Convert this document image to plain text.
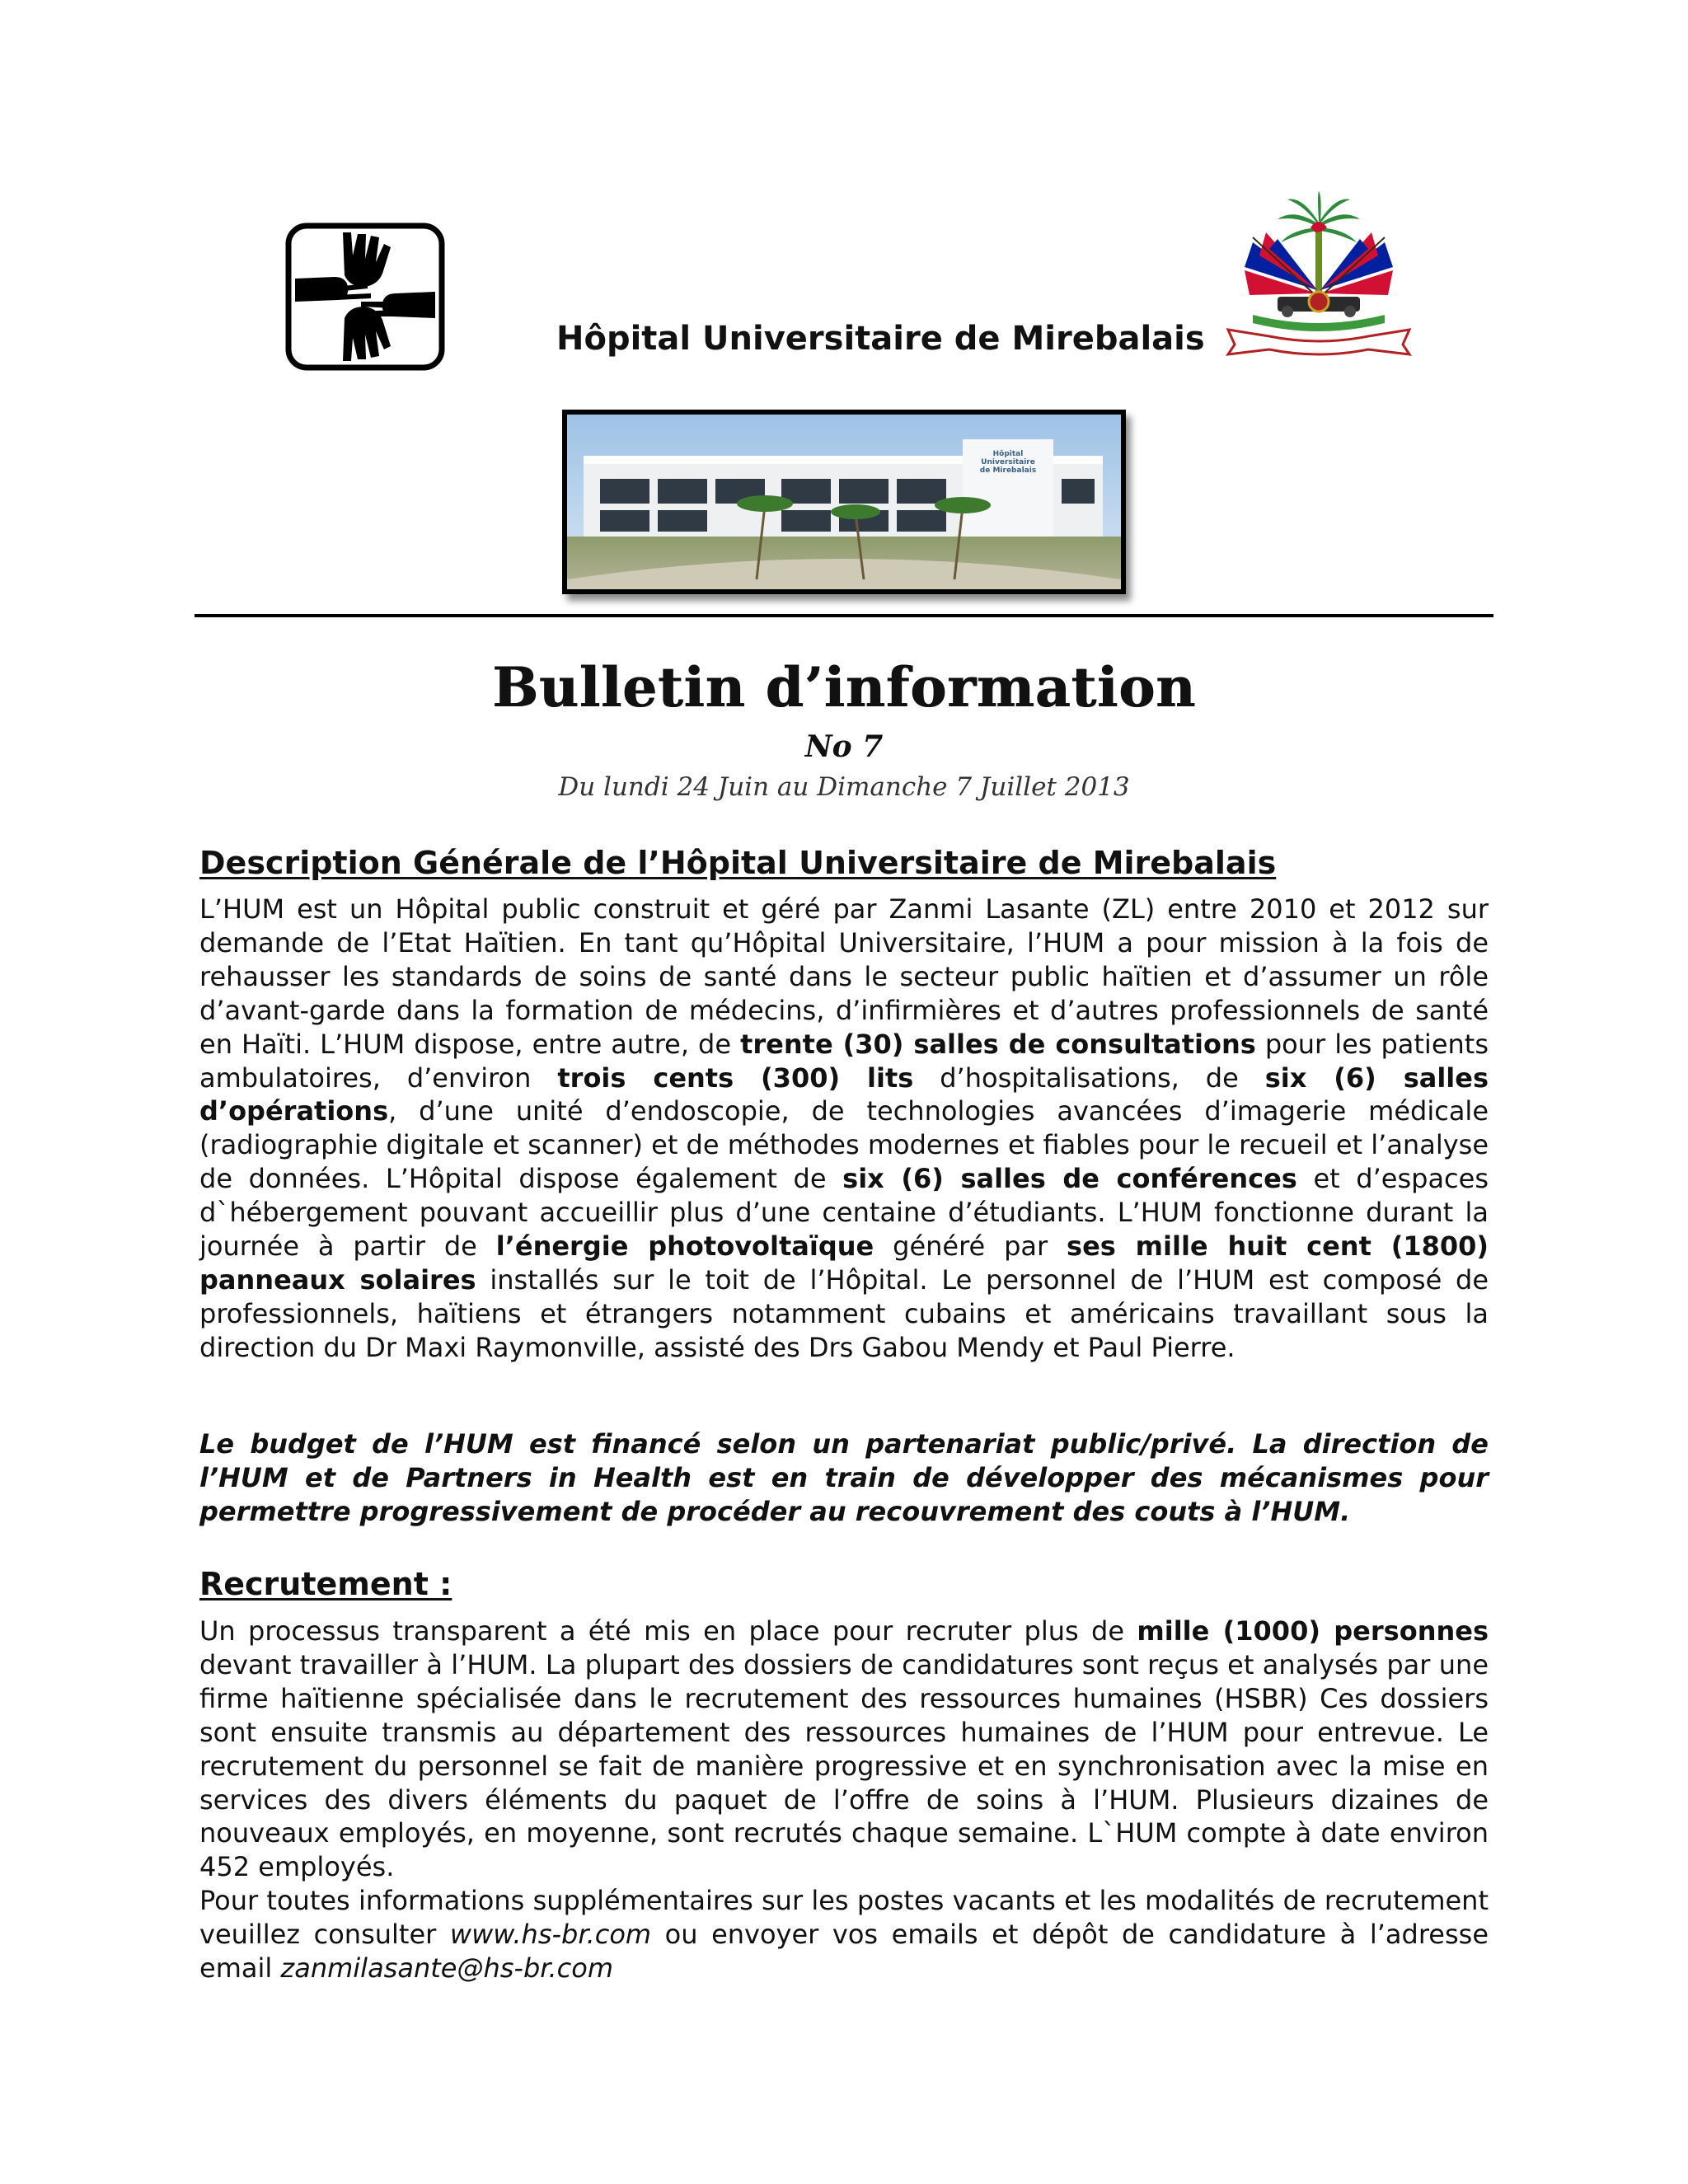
Hôpital Universitaire de Mirebalais
Hôpital
Universitaire
de Mirebalais
Bulletin d’information
No 7
Du lundi 24 Juin au Dimanche 7 Juillet 2013
Description Générale de l’Hôpital Universitaire de Mirebalais

L’HUM est un Hôpital public construit et géré par Zanmi Lasante (ZL) entre 2010 et 2012 sur demande de l’Etat Haïtien. En tant qu’Hôpital Universitaire, l’HUM a pour mission à la fois de rehausser les standards de soins de santé dans le secteur public haïtien et d’assumer un rôle d’avant-garde dans la formation de médecins, d’infirmières et d’autres professionnels de santé en Haïti. L’HUM dispose, entre autre, de trente (30) salles de consultations pour les patients ambulatoires, d’environ trois cents (300) lits d’hospitalisations, de six (6) salles d’opérations, d’une unité d’endoscopie, de technologies avancées d’imagerie médicale (radiographie digitale et scanner) et de méthodes modernes et fiables pour le recueil et l’analyse de données. L’Hôpital dispose également de six (6) salles de conférences et d’espaces d`hébergement pouvant accueillir plus d’une centaine d’étudiants. L’HUM fonctionne durant la journée à partir de l’énergie photovoltaïque généré par ses mille huit cent (1800) panneaux solaires installés sur le toit de l’Hôpital. Le personnel de l’HUM est composé de professionnels, haïtiens et étrangers notamment cubains et américains travaillant sous la direction du Dr Maxi Raymonville, assisté des Drs Gabou Mendy et Paul Pierre.

Le budget de l’HUM est financé selon un partenariat public/privé. La direction de l’HUM et de Partners in Health est en train de développer des mécanismes pour permettre progressivement de procéder au recouvrement des couts à l’HUM.

Recrutement :

Un processus transparent a été mis en place pour recruter plus de mille (1000) personnes devant travailler à l’HUM. La plupart des dossiers de candidatures sont reçus et analysés par une firme haïtienne spécialisée dans le recrutement des ressources humaines (HSBR) Ces dossiers sont ensuite transmis au département des ressources humaines de l’HUM pour entrevue. Le recrutement du personnel se fait de manière progressive et en synchronisation avec la mise en services des divers éléments du paquet de l’offre de soins à l’HUM. Plusieurs dizaines de nouveaux employés, en moyenne, sont recrutés chaque semaine. L`HUM compte à date environ 452 employés.

Pour toutes informations supplémentaires sur les postes vacants et les modalités de recrutement veuillez consulter www.hs-br.com ou envoyer vos emails et dépôt de candidature à l’adresse email zanmilasante@hs-br.com
